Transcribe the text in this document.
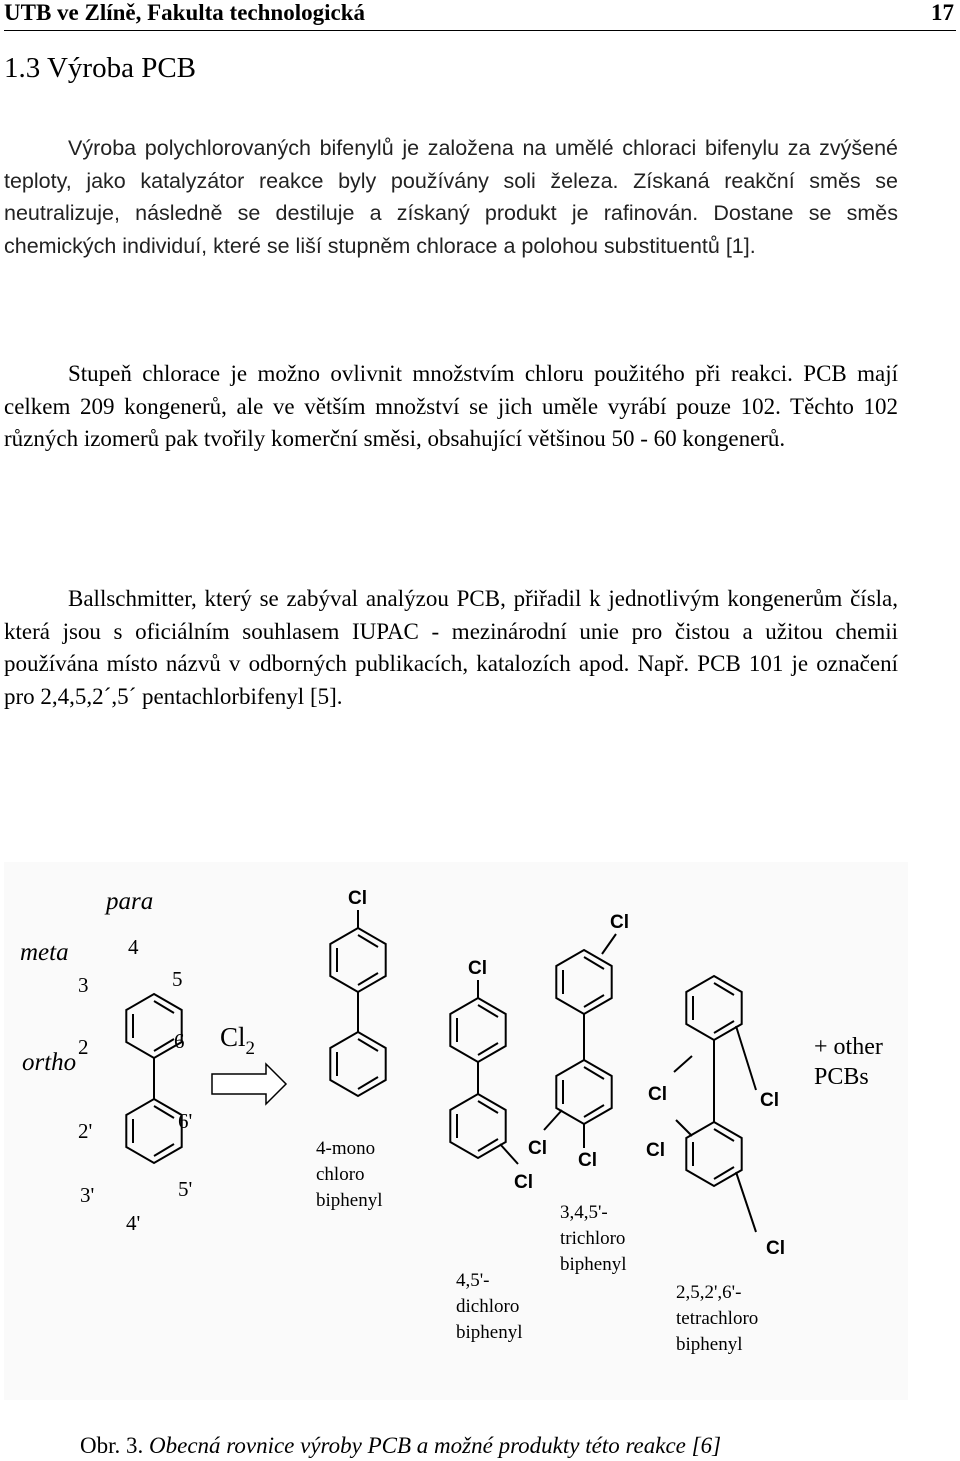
UTB ve Zlíně, Fakulta technologická	17
1.3 Výroba PCB

Výroba polychlorovaných bifenylů je založena na umělé chloraci bifenylu za zvýšené teploty, jako katalyzátor reakce byly používány soli železa. Získaná reakční směs se neutralizuje, následně se destiluje a získaný produkt je rafinován. Dostane se směs chemických individuí, které se liší stupněm chlorace a polohou substituentů [1].

Stupeň chlorace je možno ovlivnit množstvím chloru použitého při reakci. PCB mají celkem 209 kongenerů, ale ve větším množství se jich uměle vyrábí pouze 102. Těchto 102 různých izomerů pak tvořily komerční směsi, obsahující většinou 50 - 60 kongenerů.

Ballschmitter, který se zabýval analýzou PCB, přiřadil k jednotlivým kongenerům čísla, která jsou s oficiálním souhlasem IUPAC - mezinárodní unie pro čistou a užitou chemii používána místo názvů v odborných publikacích, katalozích apod. Např. PCB 101 je označení pro 2,4,5,2´,5´ pentachlorbifenyl [5].

para
meta
ortho
4
3	5
2	6
2'	6'
3'	5'
4'
$Cl_2$
Cl
4-mono
chloro
biphenyl
Cl
Cl
4,5'-
dichloro
biphenyl
Cl
Cl
Cl
3,4,5'-
trichloro
biphenyl
Cl	Cl
Cl
Cl
2,5,2',6'-
tetrachloro
biphenyl
+ other
PCBs
Obr. 3. Obecná rovnice výroby PCB a možné produkty této reakce [6]
